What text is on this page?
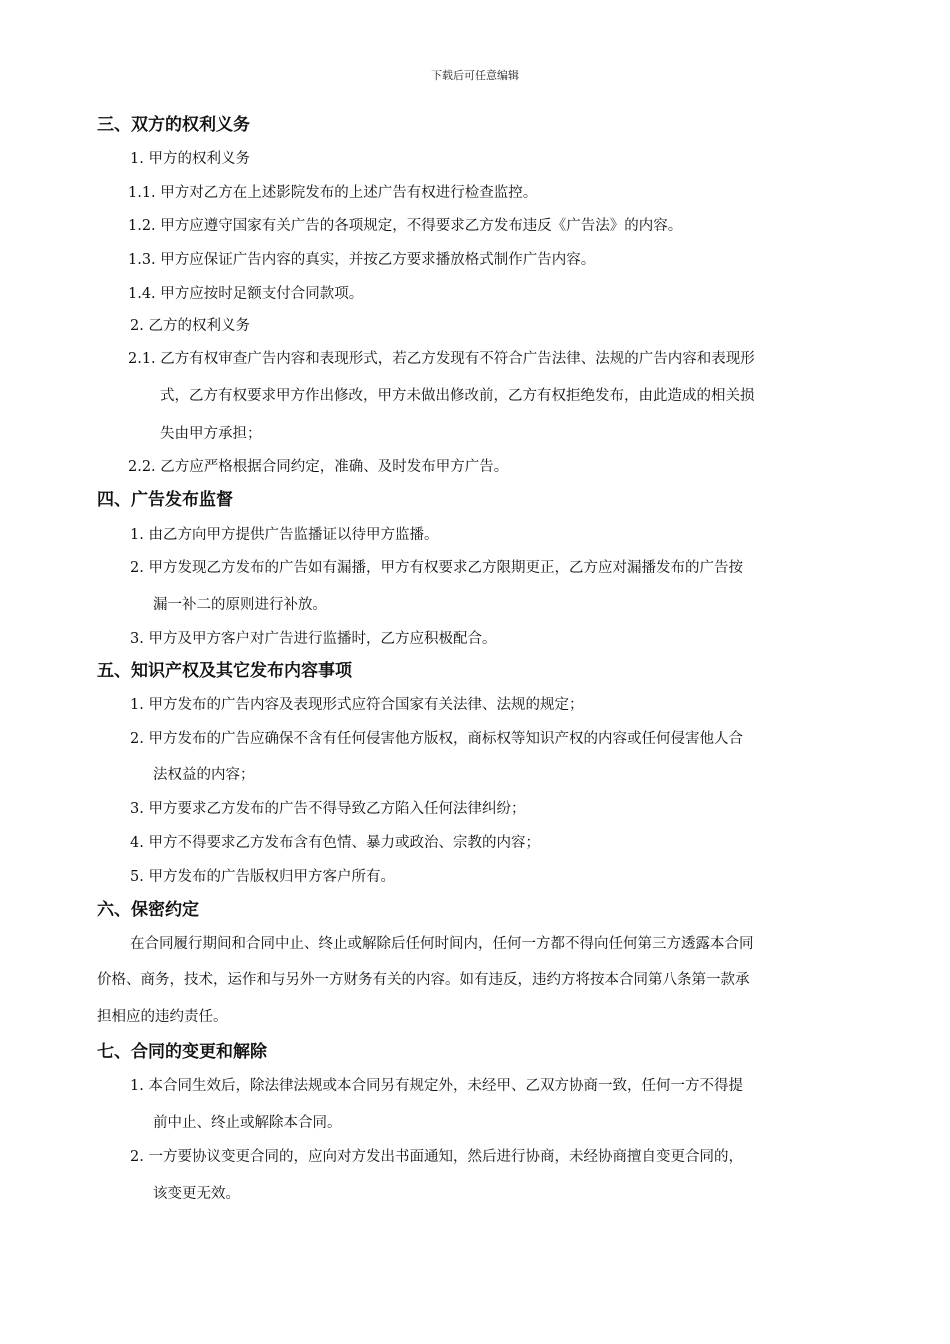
下载后可任意编辑
三、双方的权利义务
1. 甲方的权利义务
1.1. 甲方对乙方在上述影院发布的上述广告有权进行检查监控。
1.2. 甲方应遵守国家有关广告的各项规定，不得要求乙方发布违反《广告法》的内容。
1.3. 甲方应保证广告内容的真实，并按乙方要求播放格式制作广告内容。
1.4. 甲方应按时足额支付合同款项。
2. 乙方的权利义务
2.1. 乙方有权审查广告内容和表现形式，若乙方发现有不符合广告法律、法规的广告内容和表现形
式，乙方有权要求甲方作出修改，甲方未做出修改前，乙方有权拒绝发布，由此造成的相关损
失由甲方承担；
2.2. 乙方应严格根据合同约定，准确、及时发布甲方广告。
四、广告发布监督
1. 由乙方向甲方提供广告监播证以待甲方监播。
2. 甲方发现乙方发布的广告如有漏播，甲方有权要求乙方限期更正，乙方应对漏播发布的广告按
漏一补二的原则进行补放。
3. 甲方及甲方客户对广告进行监播时，乙方应积极配合。
五、知识产权及其它发布内容事项
1. 甲方发布的广告内容及表现形式应符合国家有关法律、法规的规定；
2. 甲方发布的广告应确保不含有任何侵害他方版权，商标权等知识产权的内容或任何侵害他人合
法权益的内容；
3. 甲方要求乙方发布的广告不得导致乙方陷入任何法律纠纷；
4. 甲方不得要求乙方发布含有色情、暴力或政治、宗教的内容；
5. 甲方发布的广告版权归甲方客户所有。
六、保密约定
在合同履行期间和合同中止、终止或解除后任何时间内，任何一方都不得向任何第三方透露本合同
价格、商务，技术，运作和与另外一方财务有关的内容。如有违反，违约方将按本合同第八条第一款承
担相应的违约责任。
七、合同的变更和解除
1. 本合同生效后，除法律法规或本合同另有规定外，未经甲、乙双方协商一致，任何一方不得提
前中止、终止或解除本合同。
2. 一方要协议变更合同的，应向对方发出书面通知，然后进行协商，未经协商擅自变更合同的，
该变更无效。
